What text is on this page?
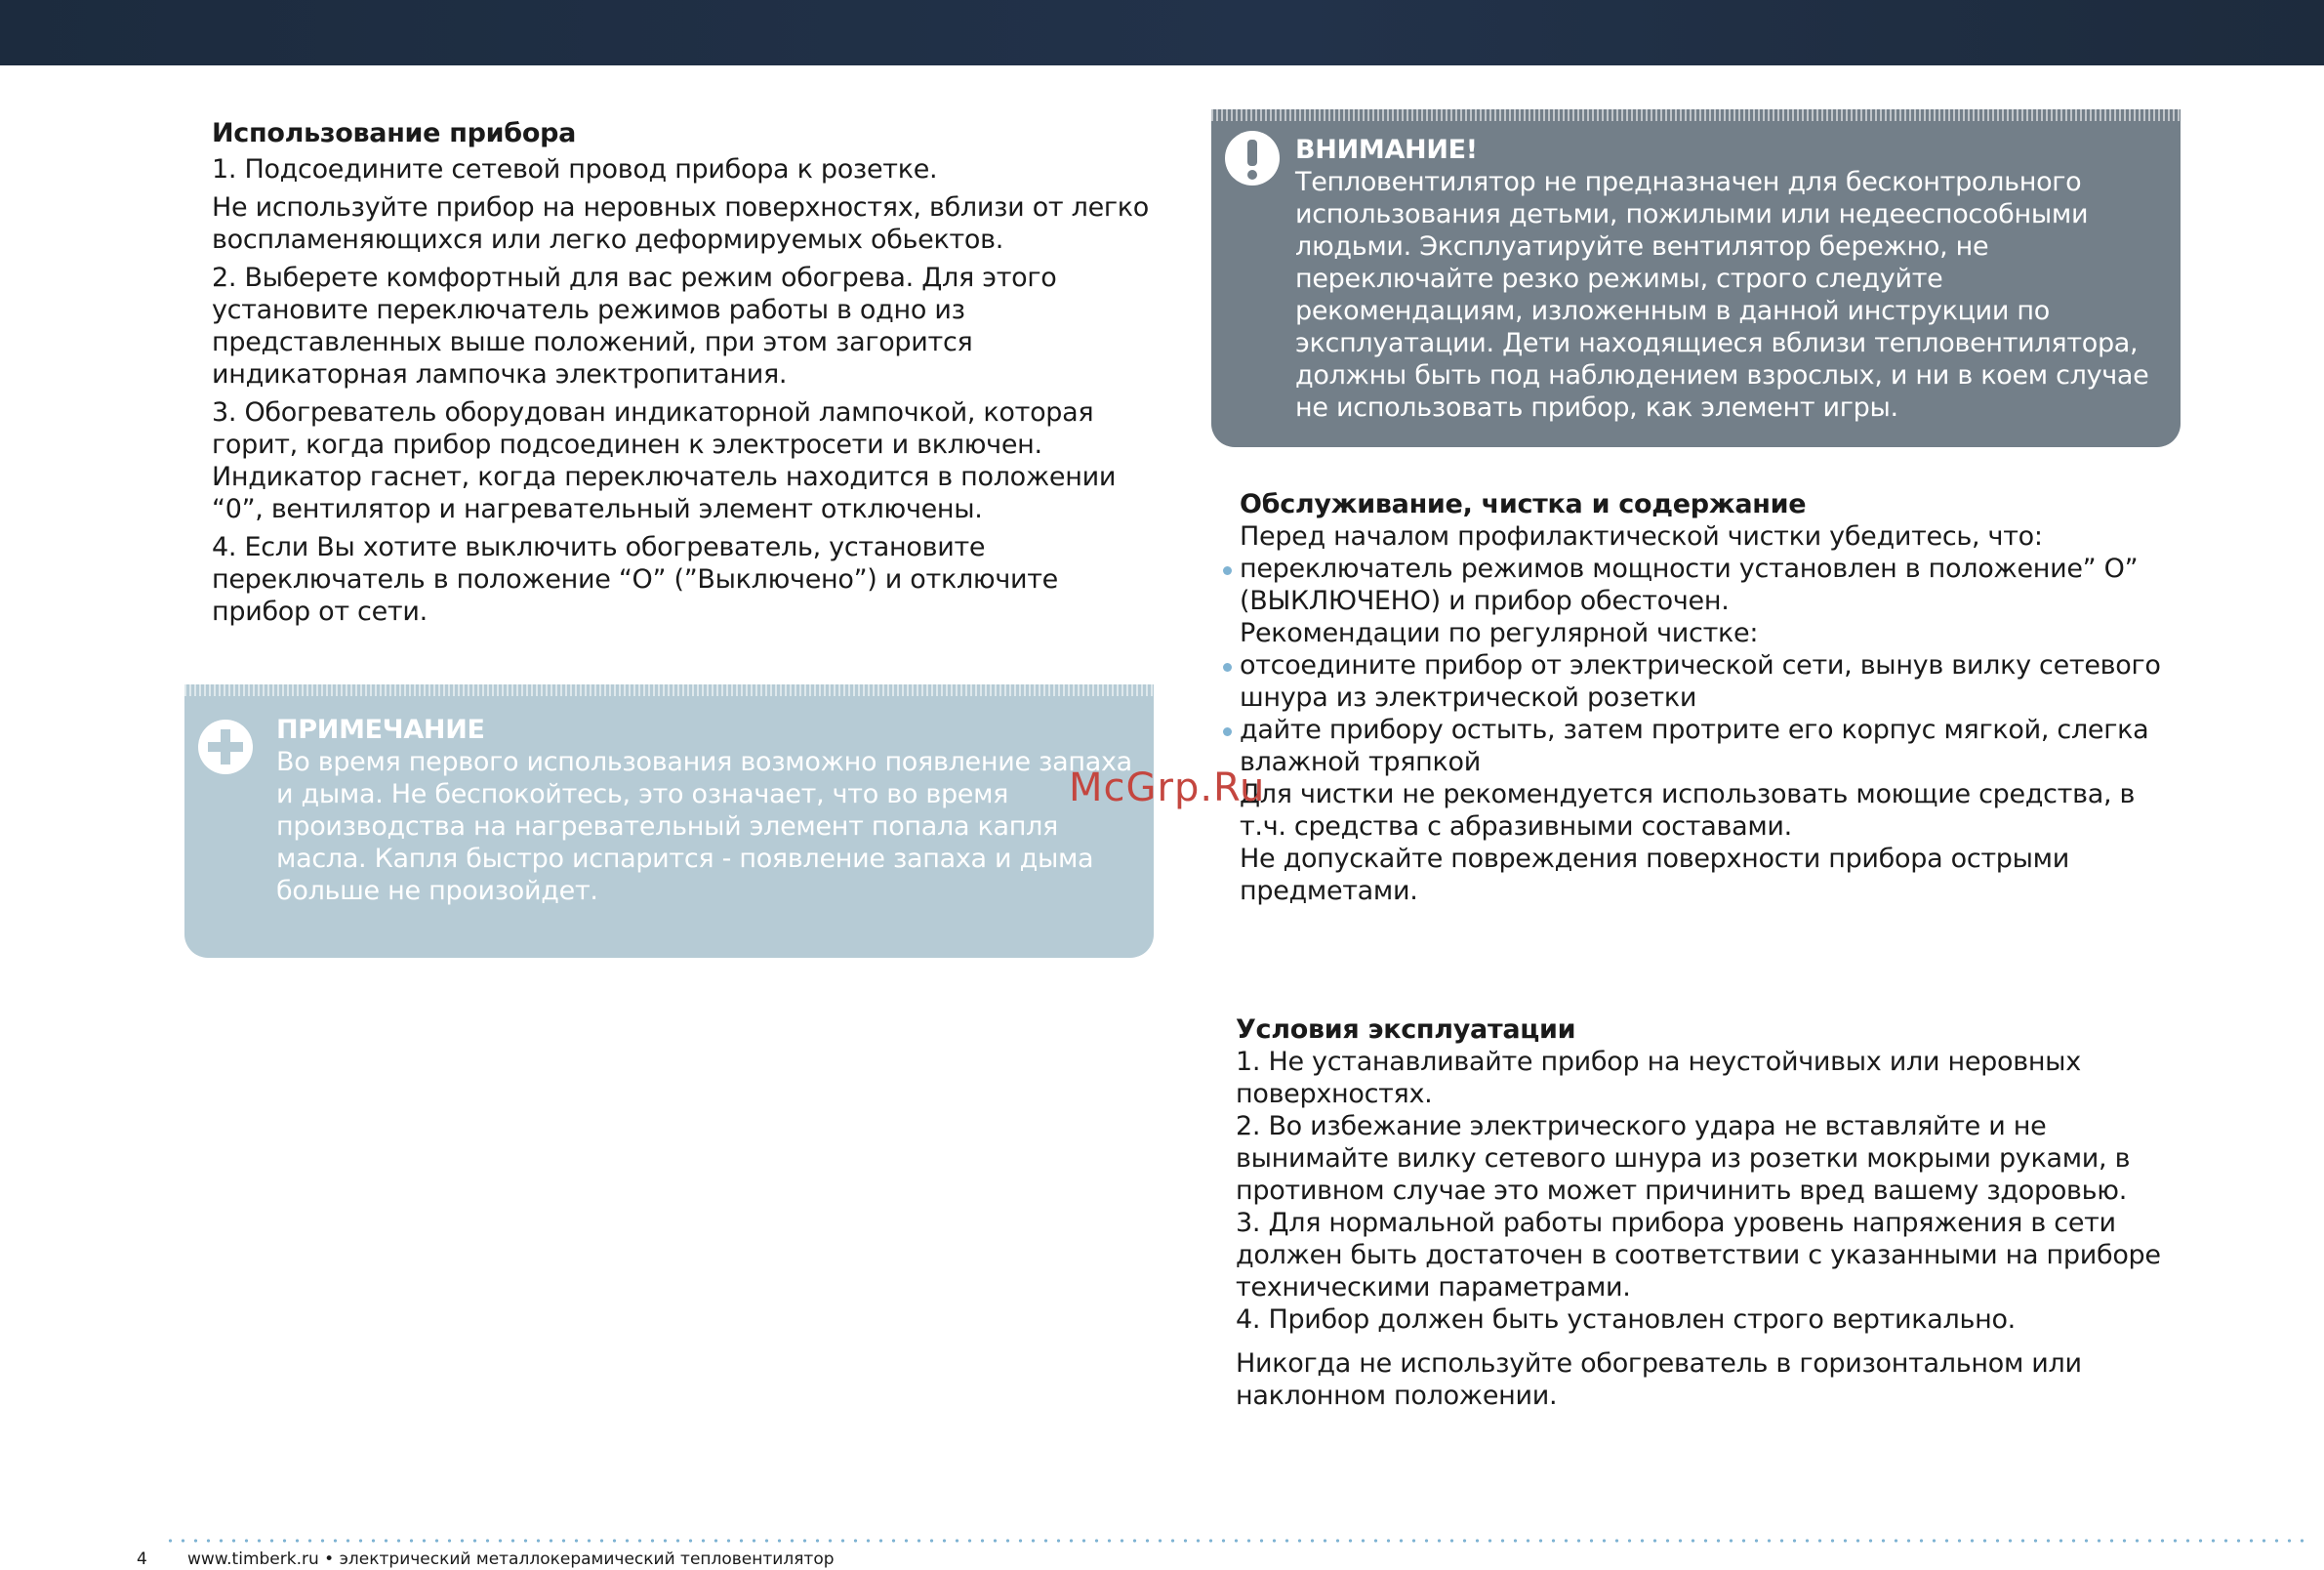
Использование прибора

1. Подсоедините сетевой провод прибора к розетке.

Не используйте прибор на неровных поверхностях, вблизи от легко воспламеняющихся или легко деформируемых обьектов.

2. Выберете комфортный для вас режим обогрева. Для этого установите переключатель режимов работы в одно из представленных выше положений, при этом загорится индикаторная лампочка электропитания.

3. Обогреватель оборудован индикаторной лампочкой, которая горит, когда прибор подсоединен к электросети и включен. Индикатор гаснет, когда переключатель находится в положении “0”, вентилятор и нагревательный элемент отключены.

4. Если Вы хотите выключить обогреватель, установите переключатель в положение “О” (”Выключено”) и отключите прибор от сети.

ВНИМАНИЕ!

Тепловентилятор не предназначен для бесконтрольного использования детьми, пожилыми или недееспособными людьми. Эксплуатируйте вентилятор бережно, не переключайте резко режимы, строго следуйте рекомендациям, изложенным в данной инструкции по эксплуатации. Дети находящиеся вблизи тепловентилятора, должны быть под наблюдением взрослых, и ни в коем случае не использовать прибор, как элемент игры.

ПРИМЕЧАНИЕ

Во время первого использования возможно появление запаха и дыма. Не беспокойтесь, это означает, что во время производства на нагревательный элемент попала капля масла. Капля быстро испарится - появление запаха и дыма больше не произойдет.

Обслуживание, чистка и содержание

Перед началом профилактической чистки убедитесь, что:

переключатель режимов мощности установлен в положение” О” (ВЫКЛЮЧЕНО) и прибор обесточен.

Рекомендации по регулярной чистке:

отсоедините прибор от электрической сети, вынув вилку сетевого шнура из электрической розетки

дайте прибору остыть, затем протрите его корпус мягкой, слегка влажной тряпкой

Для чистки не рекомендуется использовать моющие средства, в т.ч. средства с абразивными составами.

Не допускайте повреждения поверхности прибора острыми предметами.

Условия эксплуатации

1. Не устанавливайте прибор на неустойчивых или неровных поверхностях.

2. Во избежание электрического удара не вставляйте и не вынимайте вилку сетевого шнура из розетки мокрыми руками, в противном случае это может причинить вред вашему здоровью.

3. Для нормальной работы прибора уровень напряжения в сети должен быть достаточен в соответствии с указанными на приборе техническими параметрами.

4. Прибор должен быть установлен строго вертикально.

Никогда не используйте обогреватель в горизонтальном или наклонном положении.

McGrp.Ru
4 www.timberk.ru • электрический металлокерамический тепловентилятор
